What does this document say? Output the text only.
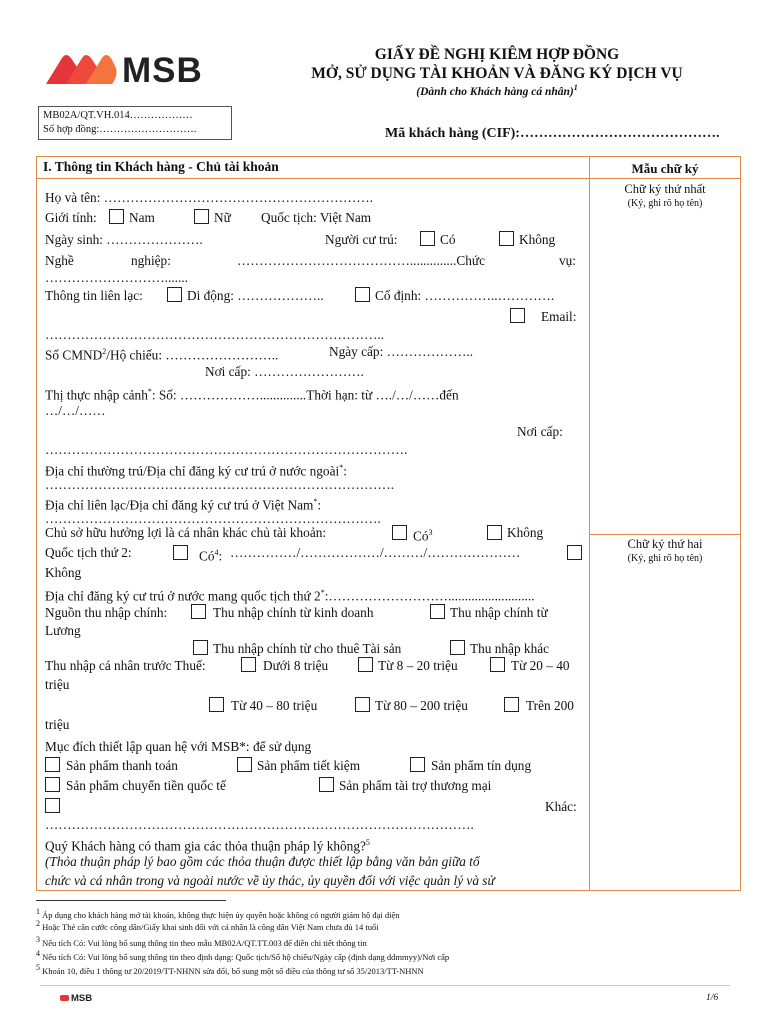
MSB	GIẤY ĐỀ NGHỊ KIÊM HỢP ĐỒNG
MỞ, SỬ DỤNG TÀI KHOẢN VÀ ĐĂNG KÝ DỊCH VỤ
(Dành cho Khách hàng cá nhân)$^1$
MB02A/QT.VH.014………………
Số hợp đồng:……………………….	Mã khách hàng (CIF):…………………………………….
I. Thông tin Khách hàng - Chủ tài khoản	Mẫu chữ ký
Chữ ký thứ nhất
(Ký, ghi rõ họ tên)
Chữ ký thứ hai
(Ký, ghi rõ họ tên)
Họ và tên: …………………………………………………….
Giới tính: Nam	Nữ Quốc tịch: Việt Nam
Ngày sinh: ………………….	Người cư trú:	Có	Không
Nghề	nghiệp:	…………………………………..............Chức	vụ:
……………………….......
Thông tin liên lạc:	Di động: ………………..	Cố định: ……………..………….
Email:
…………………………………………………………………..
Số CMND$^2$/Hộ chiếu: ……………………..	Ngày cấp: ………………..
Nơi cấp: …………………….
Thị thực nhập cảnh*: Số: ………………..............Thời hạn: từ …./…/……đến
…/…/……
Nơi cấp:
……………………………………………………………………….
Địa chỉ thường trú/Địa chỉ đăng ký cư trú ở nước ngoài*:
…………………………………………………………………….
Địa chỉ liên lạc/Địa chỉ đăng ký cư trú ở Việt Nam*:
………………………………………………………………….
Chủ sở hữu hưởng lợi là cá nhân khác chủ tài khoản:	$Có^3$	Không
Quốc tịch thứ 2:	$Có^4$: ……………/………………/………/…………………
Không
Địa chỉ đăng ký cư trú ở nước mang quốc tịch thứ 2*:………………………..........................
Nguồn thu nhập chính:	Thu nhập chính từ kinh doanh	Thu nhập chính từ
Lương
Thu nhập chính từ cho thuê Tài sản	Thu nhập khác
Thu nhập cá nhân trước Thuế:	Dưới 8 triệu	Từ 8 – 20 triệu	Từ 20 – 40
triệu
Từ 40 – 80 triệu	Từ 80 – 200 triệu	Trên 200
triệu
Mục đích thiết lập quan hệ với MSB*: để sử dụng
Sản phẩm thanh toán	Sản phẩm tiết kiệm	Sản phẩm tín dụng
Sản phẩm chuyển tiền quốc tế	Sản phẩm tài trợ thương mại
Khác:
…………………………………………………………………………………….
Quý Khách hàng có tham gia các thỏa thuận pháp lý không?$^5$
(Thỏa thuận pháp lý bao gồm các thỏa thuận được thiết lập bằng văn bản giữa tổ
chức và cá nhân trong và ngoài nước về ủy thác, ủy quyền đối với việc quản lý và sử
$^1$ Áp dụng cho khách hàng mở tài khoản, không thực hiện ủy quyền hoặc không có người giám hộ đại diện
$^2$ Hoặc Thẻ căn cước công dân/Giấy khai sinh đối với cá nhân là công dân Việt Nam chưa đủ 14 tuổi
$^3$ Nếu tích Có: Vui lòng bổ sung thông tin theo mẫu MB02A/QT.TT.003 để điền chi tiết thông tin
$^4$ Nếu tích Có: Vui lòng bổ sung thông tin theo định dạng: Quốc tịch/Số hộ chiếu/Ngày cấp (định dạng ddmmyy)/Nơi cấp
$^5$ Khoản 10, điều 1 thông tư 20/2019/TT-NHNN sửa đổi, bổ sung một số điều của thông tư số 35/2013/TT-NHNN
MSB	1/6
